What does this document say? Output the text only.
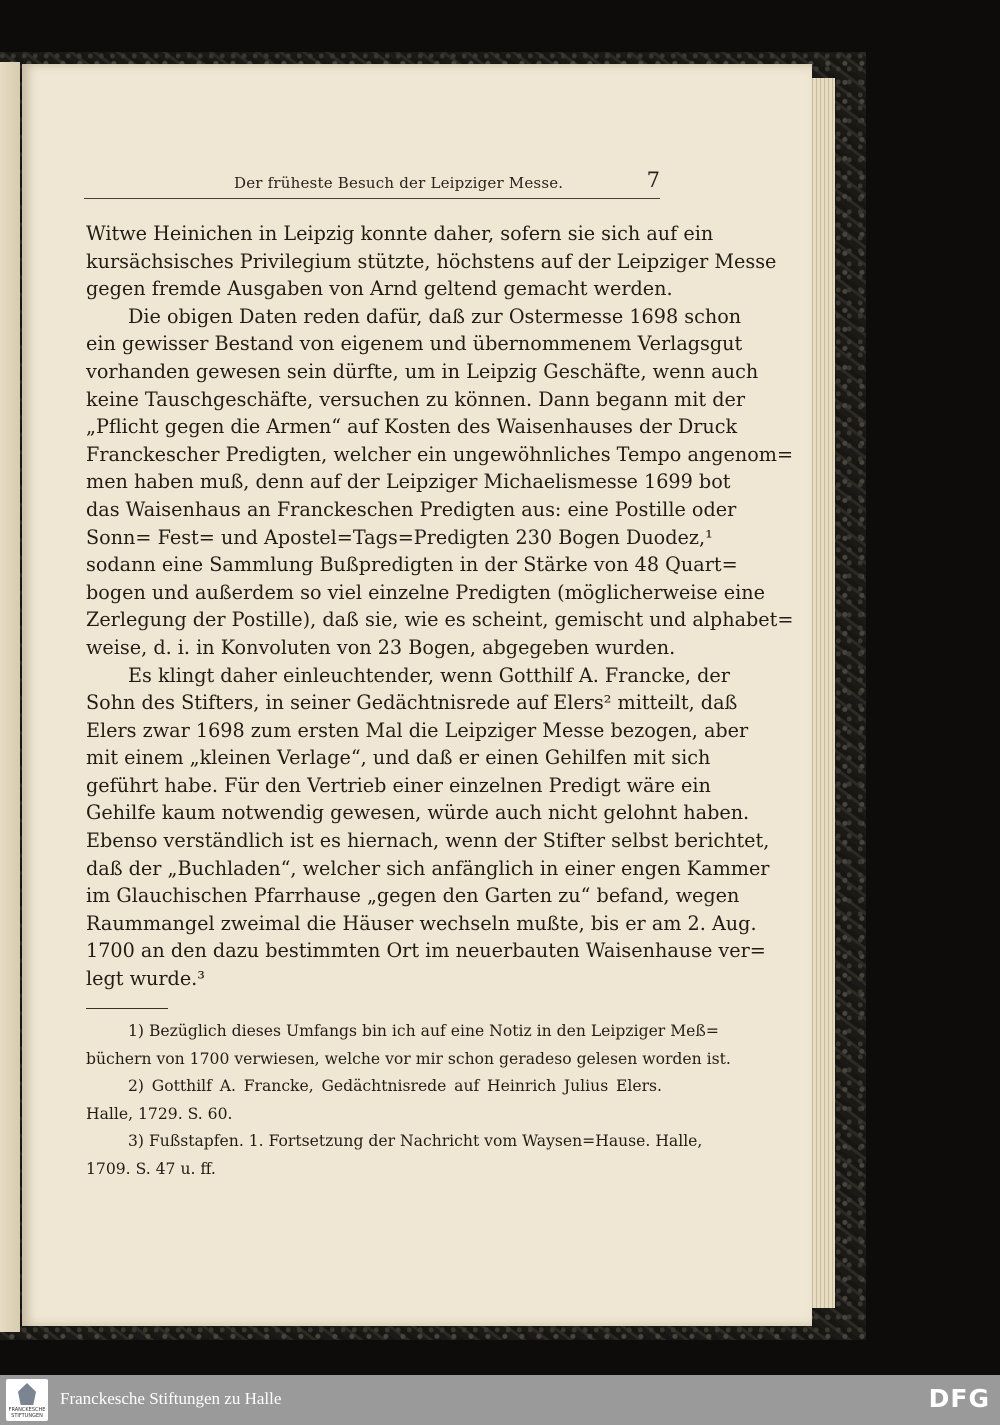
Der früheste Besuch der Leipziger Messe.	7
Witwe Heinichen in Leipzig konnte daher, sofern sie sich auf ein
kursächsisches Privilegium stützte, höchstens auf der Leipziger Messe
gegen fremde Ausgaben von Arnd geltend gemacht werden.
Die obigen Daten reden dafür, daß zur Ostermesse 1698 schon
ein gewisser Bestand von eigenem und übernommenem Verlagsgut
vorhanden gewesen sein dürfte, um in Leipzig Geschäfte, wenn auch
keine Tauschgeschäfte, versuchen zu können. Dann begann mit der
„Pflicht gegen die Armen“ auf Kosten des Waisenhauses der Druck
Franckescher Predigten, welcher ein ungewöhnliches Tempo angenom=
men haben muß, denn auf der Leipziger Michaelismesse 1699 bot
das Waisenhaus an Franckeschen Predigten aus: eine Postille oder
Sonn= Fest= und Apostel=Tags=Predigten 230 Bogen Duodez,¹
sodann eine Sammlung Bußpredigten in der Stärke von 48 Quart=
bogen und außerdem so viel einzelne Predigten (möglicherweise eine
Zerlegung der Postille), daß sie, wie es scheint, gemischt und alphabet=
weise, d. i. in Konvoluten von 23 Bogen, abgegeben wurden.
Es klingt daher einleuchtender, wenn Gotthilf A. Francke, der
Sohn des Stifters, in seiner Gedächtnisrede auf Elers² mitteilt, daß
Elers zwar 1698 zum ersten Mal die Leipziger Messe bezogen, aber
mit einem „kleinen Verlage“, und daß er einen Gehilfen mit sich
geführt habe. Für den Vertrieb einer einzelnen Predigt wäre ein
Gehilfe kaum notwendig gewesen, würde auch nicht gelohnt haben.
Ebenso verständlich ist es hiernach, wenn der Stifter selbst berichtet,
daß der „Buchladen“, welcher sich anfänglich in einer engen Kammer
im Glauchischen Pfarrhause „gegen den Garten zu“ befand, wegen
Raummangel zweimal die Häuser wechseln mußte, bis er am 2. Aug.
1700 an den dazu bestimmten Ort im neuerbauten Waisenhause ver=
legt wurde.³
1) Bezüglich dieses Umfangs bin ich auf eine Notiz in den Leipziger Meß=
büchern von 1700 verwiesen, welche vor mir schon geradeso gelesen worden ist.
2) Gotthilf A. Francke, Gedächtnisrede auf Heinrich Julius Elers.
Halle, 1729. S. 60.
3) Fußstapfen. 1. Fortsetzung der Nachricht vom Waysen=Hause. Halle,
1709. S. 47 u. ff.
FRANCKESCHE STIFTUNGEN
Franckesche Stiftungen zu Halle	DFG
